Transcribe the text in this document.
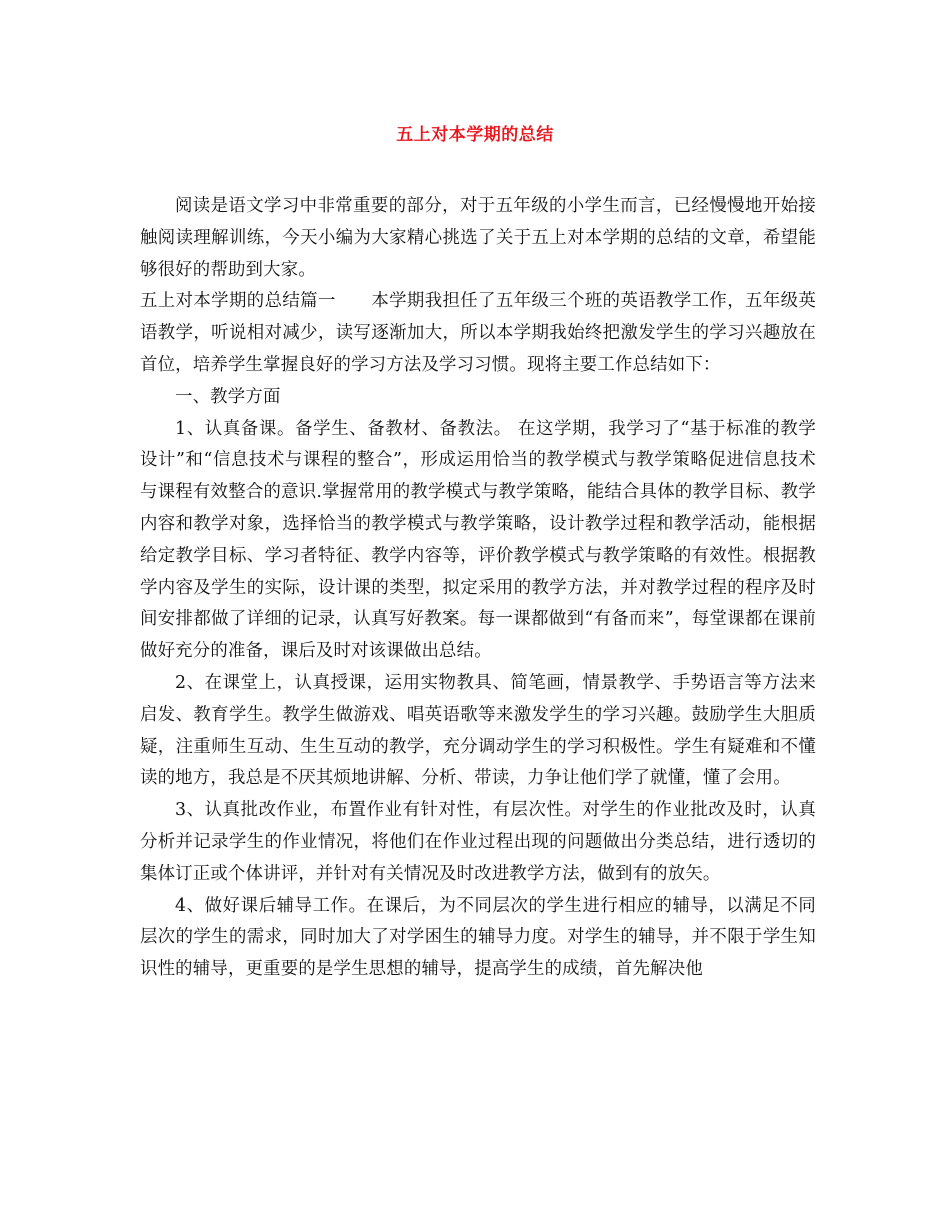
五上对本学期的总结

阅读是语文学习中非常重要的部分，对于五年级的小学生而言，已经慢慢地开始接触阅读理解训练，今天小编为大家精心挑选了关于五上对本学期的总结的文章，希望能够很好的帮助到大家。

五上对本学期的总结篇一　　本学期我担任了五年级三个班的英语教学工作，五年级英语教学，听说相对减少，读写逐渐加大，所以本学期我始终把激发学生的学习兴趣放在首位，培养学生掌握良好的学习方法及学习习惯。现将主要工作总结如下：

一、教学方面

1、认真备课。备学生、备教材、备教法。 在这学期，我学习了“基于标准的教学设计”和“信息技术与课程的整合”，形成运用恰当的教学模式与教学策略促进信息技术与课程有效整合的意识.掌握常用的教学模式与教学策略，能结合具体的教学目标、教学内容和教学对象，选择恰当的教学模式与教学策略，设计教学过程和教学活动，能根据给定教学目标、学习者特征、教学内容等，评价教学模式与教学策略的有效性。根据教学内容及学生的实际，设计课的类型，拟定采用的教学方法，并对教学过程的程序及时间安排都做了详细的记录，认真写好教案。每一课都做到“有备而来”，每堂课都在课前做好充分的准备，课后及时对该课做出总结。

2、在课堂上，认真授课，运用实物教具、简笔画，情景教学、手势语言等方法来启发、教育学生。教学生做游戏、唱英语歌等来激发学生的学习兴趣。鼓励学生大胆质疑，注重师生互动、生生互动的教学，充分调动学生的学习积极性。学生有疑难和不懂读的地方，我总是不厌其烦地讲解、分析、带读，力争让他们学了就懂，懂了会用。

3、认真批改作业，布置作业有针对性，有层次性。对学生的作业批改及时，认真分析并记录学生的作业情况，将他们在作业过程出现的问题做出分类总结，进行透切的集体订正或个体讲评，并针对有关情况及时改进教学方法，做到有的放矢。

4、做好课后辅导工作。在课后，为不同层次的学生进行相应的辅导，以满足不同层次的学生的需求，同时加大了对学困生的辅导力度。对学生的辅导，并不限于学生知识性的辅导，更重要的是学生思想的辅导，提高学生的成绩，首先解决他
